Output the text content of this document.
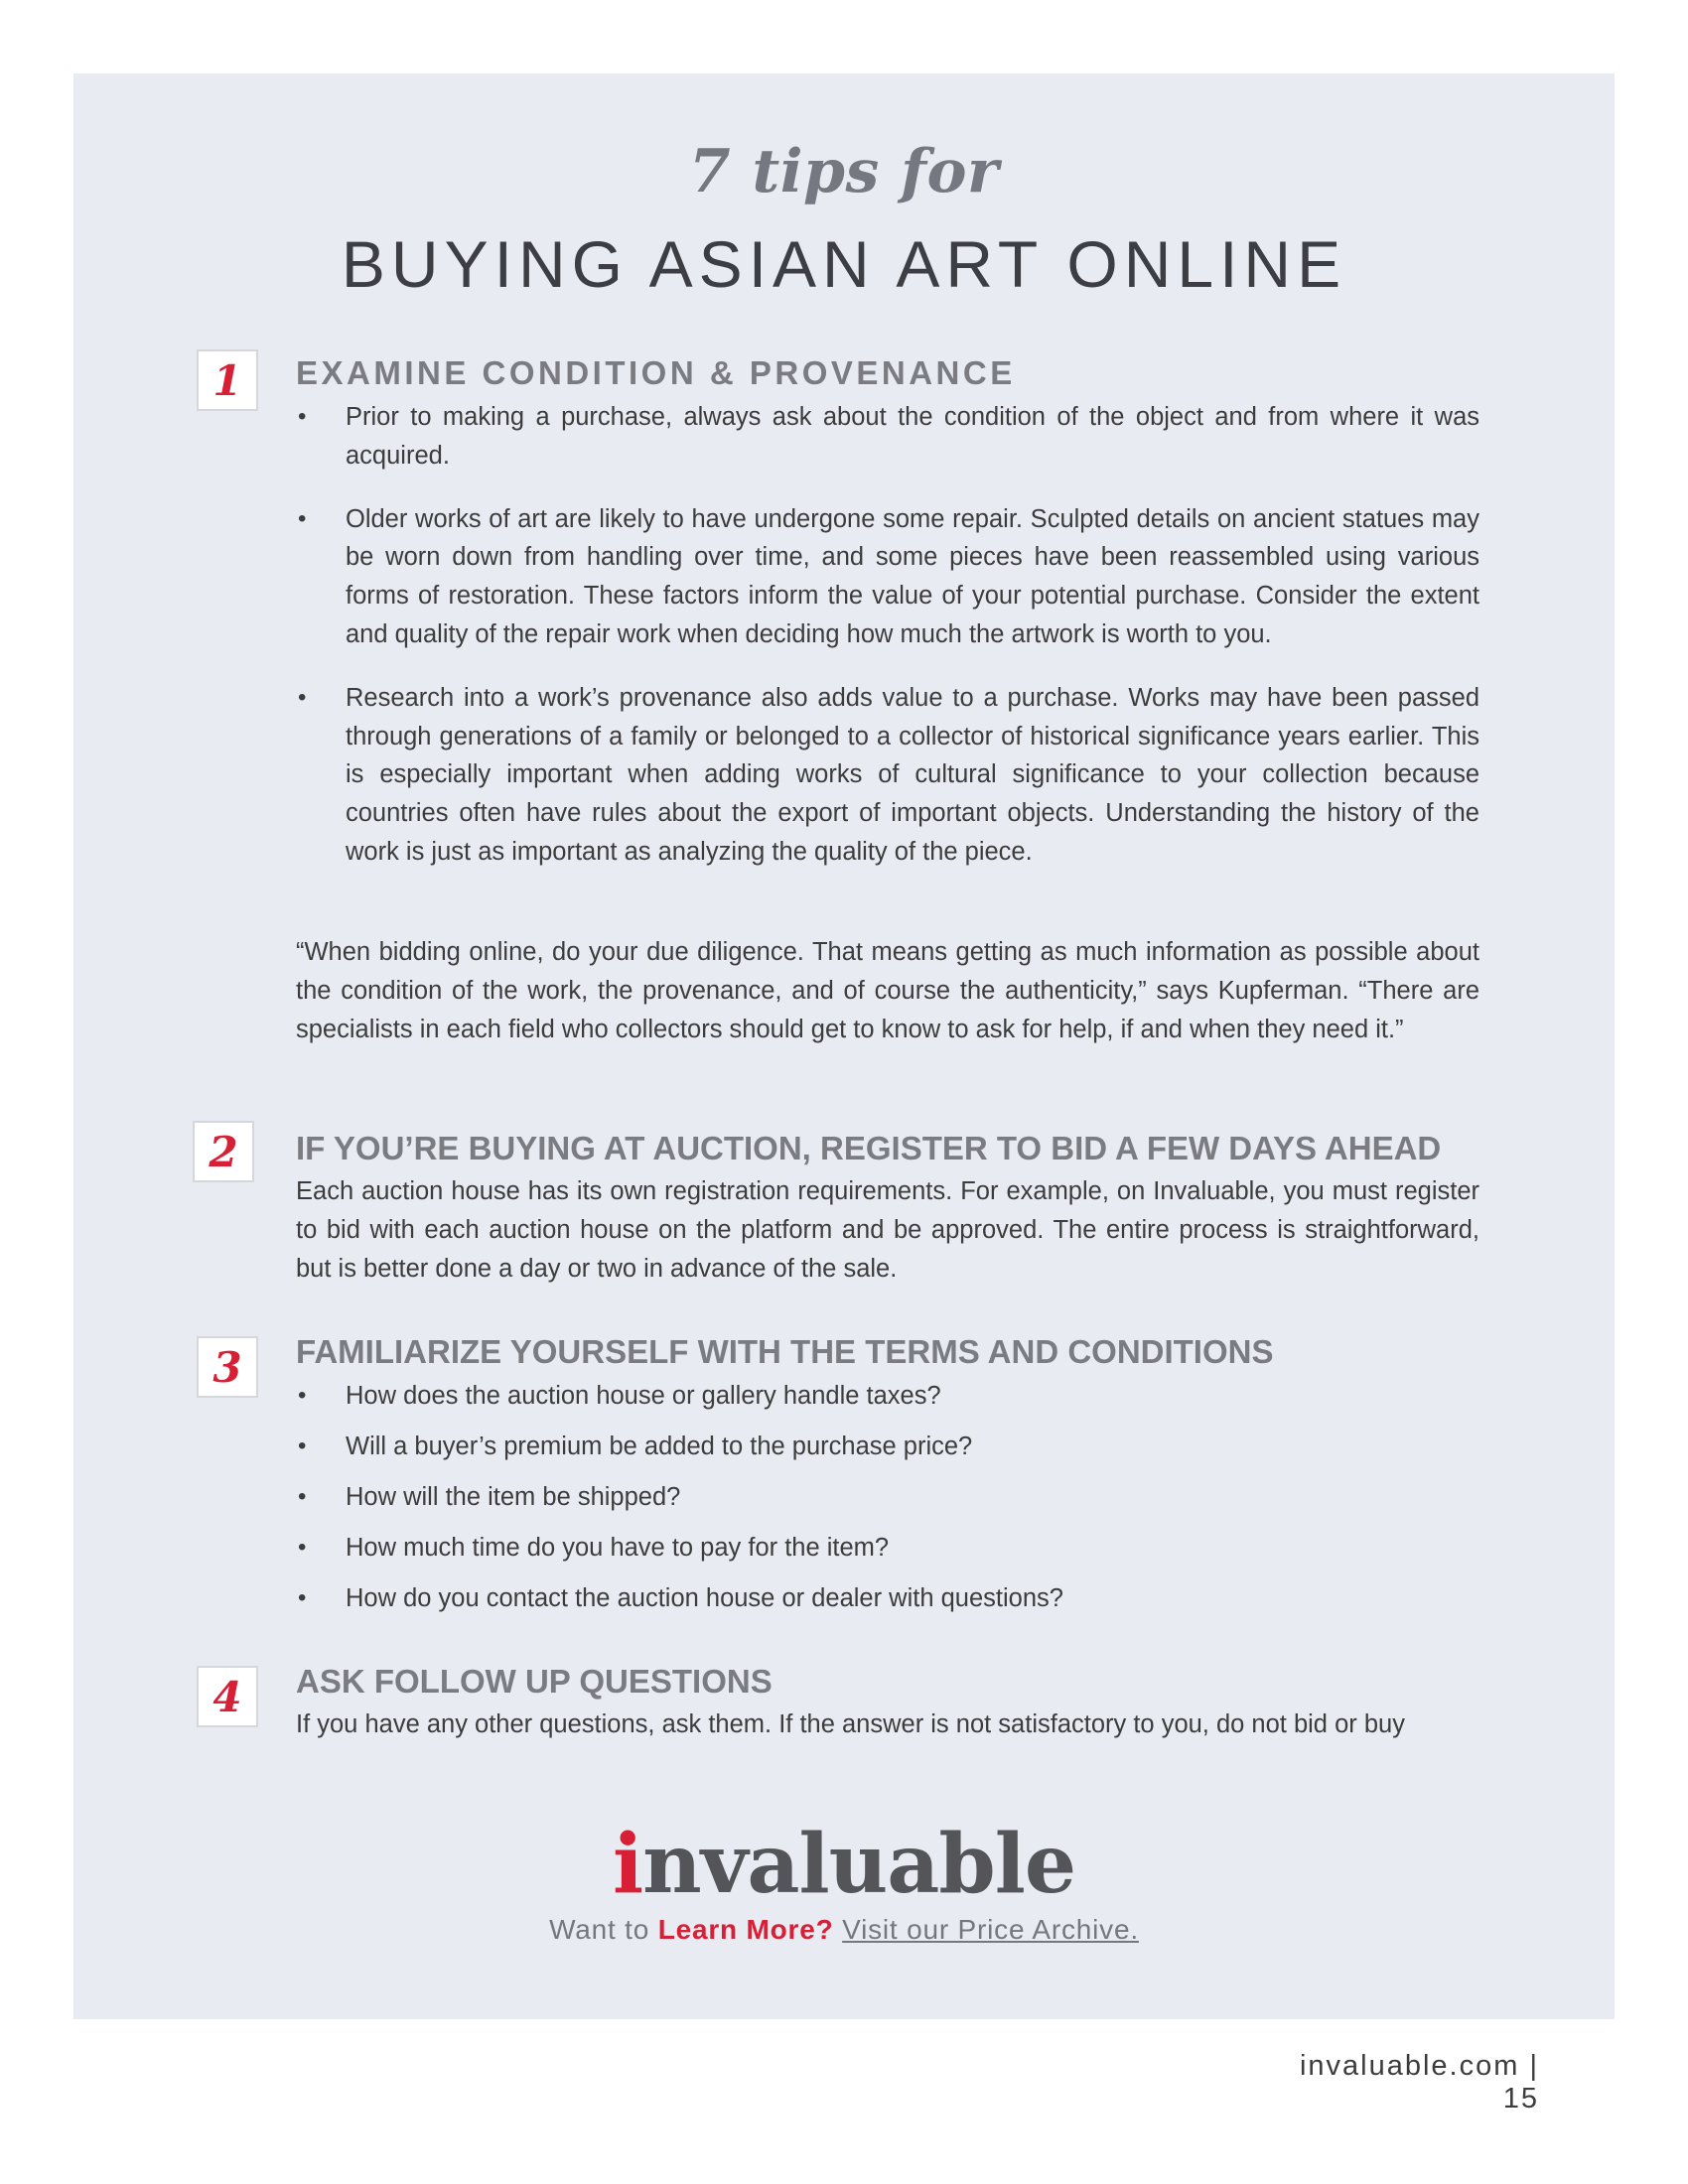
7 tips for
BUYING ASIAN ART ONLINE
1	EXAMINE CONDITION & PROVENANCE
• Prior to making a purchase, always ask about the condition of the object and from where it was acquired.
• Older works of art are likely to have undergone some repair. Sculpted details on ancient statues may be worn down from handling over time, and some pieces have been reassembled using various forms of restoration. These factors inform the value of your potential purchase. Consider the extent and quality of the repair work when deciding how much the artwork is worth to you.
• Research into a work’s provenance also adds value to a purchase. Works may have been passed through generations of a family or belonged to a collector of historical significance years earlier. This is especially important when adding works of cultural significance to your collection because countries often have rules about the export of important objects. Understanding the history of the work is just as important as analyzing the quality of the piece.

“When bidding online, do your due diligence. That means getting as much information as possible about the condition of the work, the provenance, and of course the authenticity,” says Kupferman. “There are specialists in each field who collectors should get to know to ask for help, if and when they need it.”

2	IF YOU’RE BUYING AT AUCTION, REGISTER TO BID A FEW DAYS AHEAD

Each auction house has its own registration requirements. For example, on Invaluable, you must register to bid with each auction house on the platform and be approved. The entire process is straightforward, but is better done a day or two in advance of the sale.

3	FAMILIARIZE YOURSELF WITH THE TERMS AND CONDITIONS
• How does the auction house or gallery handle taxes?
• Will a buyer’s premium be added to the purchase price?
• How will the item be shipped?
• How much time do you have to pay for the item?
• How do you contact the auction house or dealer with questions?
4	ASK FOLLOW UP QUESTIONS

If you have any other questions, ask them. If the answer is not satisfactory to you, do not bid or buy

invaluable
Want to Learn More? Visit our Price Archive.
invaluable.com | 15
